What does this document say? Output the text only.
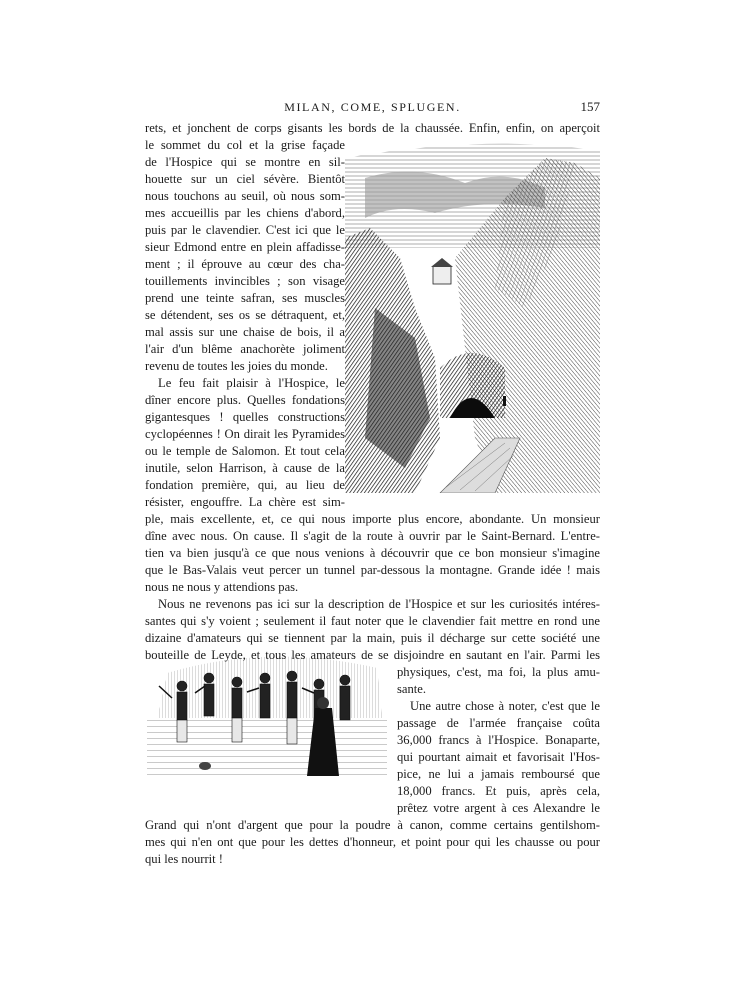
MILAN, COME, SPLUGEN.	157
rets, et jonchent de corps gisants les bords de la chaussée. Enfin, enfin, on aperçoit
le sommet du col et la grise façade
de l'Hospice qui se montre en sil-
houette sur un ciel sévère. Bientôt
nous touchons au seuil, où nous som-
mes accueillis par les chiens d'abord,
puis par le clavendier. C'est ici que le
sieur Edmond entre en plein affadisse-
ment ; il éprouve au cœur des cha-
touillements invincibles ; son visage
prend une teinte safran, ses muscles
se détendent, ses os se détraquent, et,
mal assis sur une chaise de bois, il a
l'air d'un blême anachorète joliment
revenu de toutes les joies du monde.
Le feu fait plaisir à l'Hospice, le
dîner encore plus. Quelles fondations
gigantesques ! quelles constructions
cyclopéennes ! On dirait les Pyramides
ou le temple de Salomon. Et tout cela
inutile, selon Harrison, à cause de la
fondation première, qui, au lieu de
résister, engouffre. La chère est sim-
ple, mais excellente, et, ce qui nous importe plus encore, abondante. Un monsieur
dîne avec nous. On cause. Il s'agit de la route à ouvrir par le Saint-Bernard. L'entre-
tien va bien jusqu'à ce que nous venions à découvrir que ce bon monsieur s'imagine
que le Bas-Valais veut percer un tunnel par-dessous la montagne. Grande idée ! mais
nous ne nous y attendions pas.
Nous ne revenons pas ici sur la description de l'Hospice et sur les curiosités intéres-
santes qui s'y voient ; seulement il faut noter que le clavendier fait mettre en rond une
dizaine d'amateurs qui se tiennent par la main, puis il décharge sur cette société une
bouteille de Leyde, et tous les amateurs de se disjoindre en sautant en l'air. Parmi les
physiques, c'est, ma foi, la plus amu-
sante.
Une autre chose à noter, c'est que le
passage de l'armée française coûta
36,000 francs à l'Hospice. Bonaparte,
qui pourtant aimait et favorisait l'Hos-
pice, ne lui a jamais remboursé que
18,000 francs. Et puis, après cela,
prêtez votre argent à ces Alexandre le
Grand qui n'ont d'argent que pour la poudre à canon, comme certains gentilshom-
mes qui n'en ont que pour les dettes d'honneur, et point pour qui les chausse ou pour
qui les nourrit !
